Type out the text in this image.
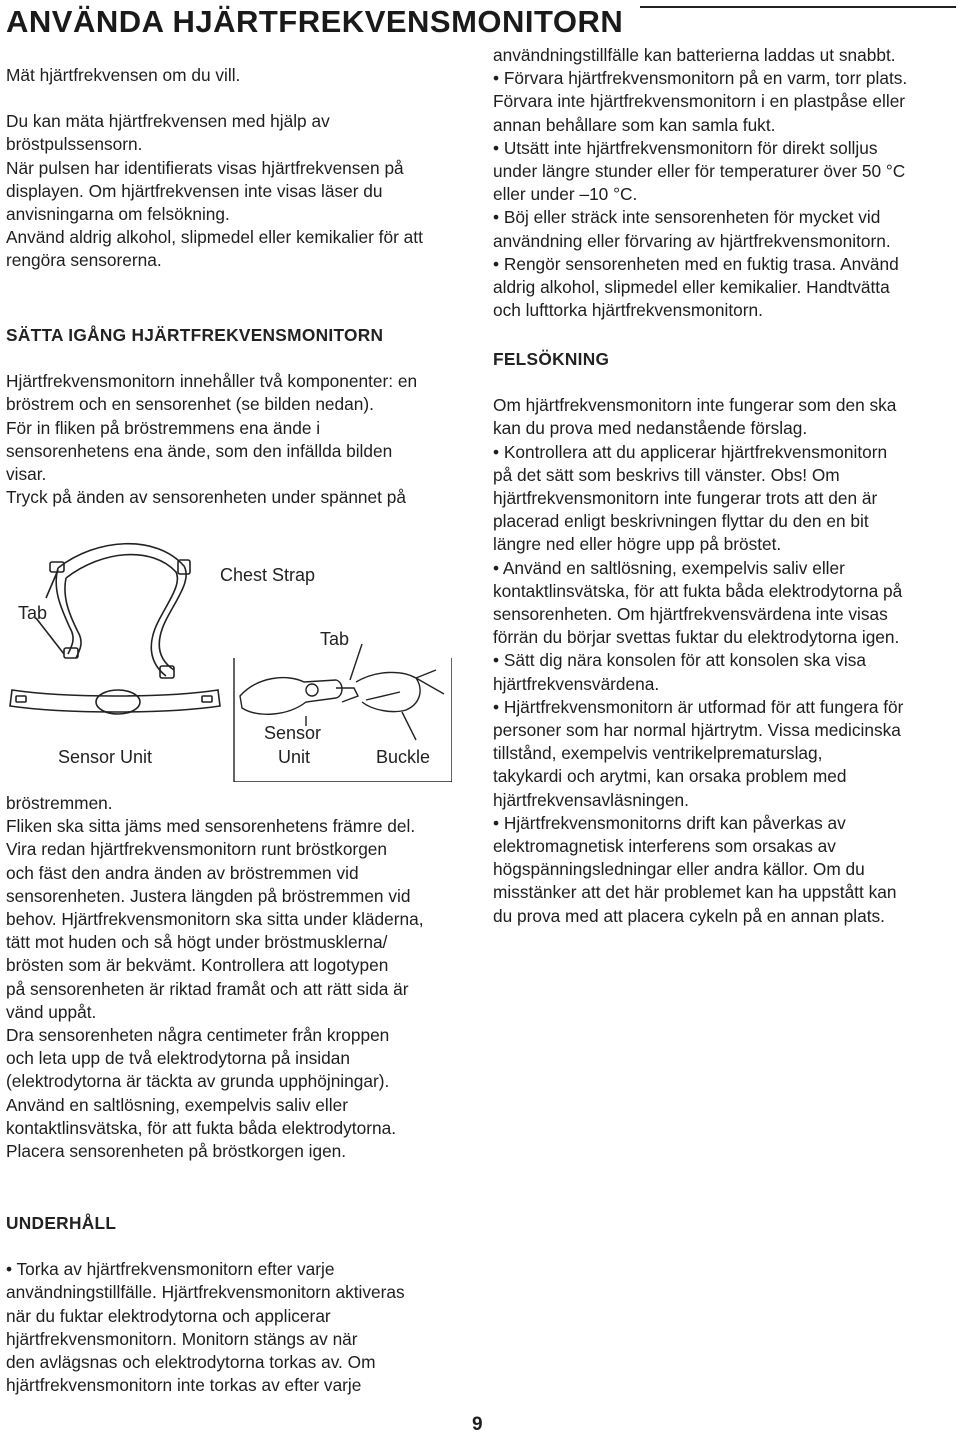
ANVÄNDA HJÄRTFREKVENSMONITORN

Mät hjärtfrekvensen om du vill.

Du kan mäta hjärtfrekvensen med hjälp av

bröstpulssensorn.

När pulsen har identifierats visas hjärtfrekvensen på

displayen. Om hjärtfrekvensen inte visas läser du

anvisningarna om felsökning.

Använd aldrig alkohol, slipmedel eller kemikalier för att

rengöra sensorerna.

SÄTTA IGÅNG HJÄRTFREKVENSMONITORN

Hjärtfrekvensmonitorn innehåller två komponenter: en

bröstrem och en sensorenhet (se bilden nedan).

För in fliken på bröstremmens ena ände i

sensorenhetens ena ände, som den infällda bilden

visar.

Tryck på änden av sensorenheten under spännet på

Tab
Chest Strap
Tab
Sensor Unit
Sensor
Unit	Buckle

bröstremmen.

Fliken ska sitta jäms med sensorenhetens främre del.

Vira redan hjärtfrekvensmonitorn runt bröstkorgen

och fäst den andra änden av bröstremmen vid

sensorenheten. Justera längden på bröstremmen vid

behov. Hjärtfrekvensmonitorn ska sitta under kläderna,

tätt mot huden och så högt under bröstmusklerna/

brösten som är bekvämt. Kontrollera att logotypen

på sensorenheten är riktad framåt och att rätt sida är

vänd uppåt.

Dra sensorenheten några centimeter från kroppen

och leta upp de två elektrodytorna på insidan

(elektrodytorna är täckta av grunda upphöjningar).

Använd en saltlösning, exempelvis saliv eller

kontaktlinsvätska, för att fukta båda elektrodytorna.

Placera sensorenheten på bröstkorgen igen.

UNDERHÅLL

• Torka av hjärtfrekvensmonitorn efter varje

användningstillfälle. Hjärtfrekvensmonitorn aktiveras

när du fuktar elektrodytorna och applicerar

hjärtfrekvensmonitorn. Monitorn stängs av när

den avlägsnas och elektrodytorna torkas av. Om

hjärtfrekvensmonitorn inte torkas av efter varje

användningstillfälle kan batterierna laddas ut snabbt.

• Förvara hjärtfrekvensmonitorn på en varm, torr plats.

Förvara inte hjärtfrekvensmonitorn i en plastpåse eller

annan behållare som kan samla fukt.

• Utsätt inte hjärtfrekvensmonitorn för direkt solljus

under längre stunder eller för temperaturer över 50 °C

eller under –10 °C.

• Böj eller sträck inte sensorenheten för mycket vid

användning eller förvaring av hjärtfrekvensmonitorn.

• Rengör sensorenheten med en fuktig trasa. Använd

aldrig alkohol, slipmedel eller kemikalier. Handtvätta

och lufttorka hjärtfrekvensmonitorn.

FELSÖKNING

Om hjärtfrekvensmonitorn inte fungerar som den ska

kan du prova med nedanstående förslag.

• Kontrollera att du applicerar hjärtfrekvensmonitorn

på det sätt som beskrivs till vänster. Obs! Om

hjärtfrekvensmonitorn inte fungerar trots att den är

placerad enligt beskrivningen flyttar du den en bit

längre ned eller högre upp på bröstet.

• Använd en saltlösning, exempelvis saliv eller

kontaktlinsvätska, för att fukta båda elektrodytorna på

sensorenheten. Om hjärtfrekvensvärdena inte visas

förrän du börjar svettas fuktar du elektrodytorna igen.

• Sätt dig nära konsolen för att konsolen ska visa

hjärtfrekvensvärdena.

• Hjärtfrekvensmonitorn är utformad för att fungera för

personer som har normal hjärtrytm. Vissa medicinska

tillstånd, exempelvis ventrikelprematurslag,

takykardi och arytmi, kan orsaka problem med

hjärtfrekvensavläsningen.

• Hjärtfrekvensmonitorns drift kan påverkas av

elektromagnetisk interferens som orsakas av

högspänningsledningar eller andra källor. Om du

misstänker att det här problemet kan ha uppstått kan

du prova med att placera cykeln på en annan plats.

9
